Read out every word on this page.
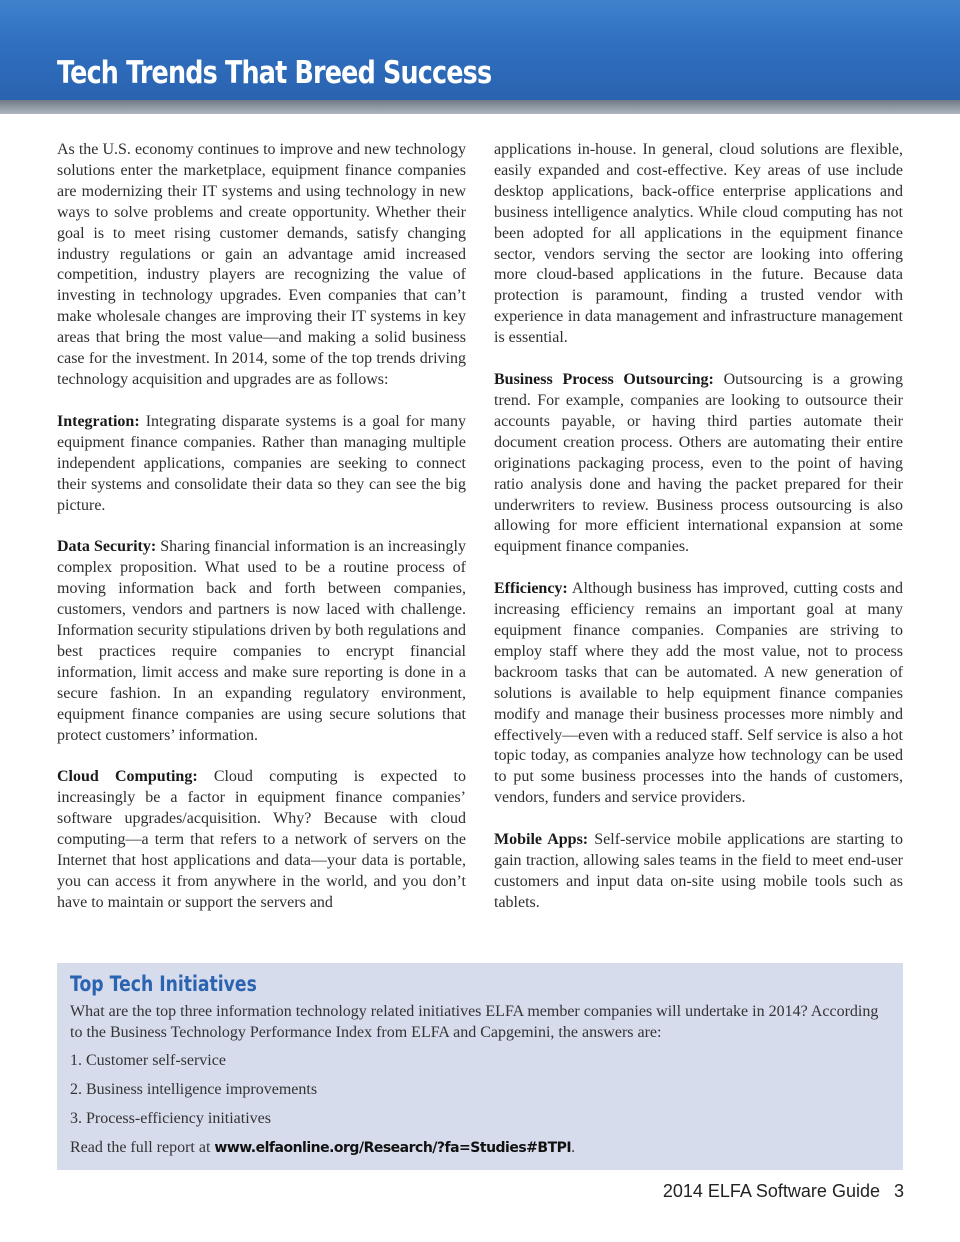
Tech Trends That Breed Success

As the U.S. economy continues to improve and new technology solutions enter the marketplace, equipment finance companies are modernizing their IT systems and using technology in new ways to solve problems and create opportunity. Whether their goal is to meet rising customer demands, satisfy changing industry regulations or gain an advantage amid increased competition, industry players are recognizing the value of investing in technology upgrades. Even companies that can’t make wholesale changes are improving their IT systems in key areas that bring the most value—and making a solid business case for the investment. In 2014, some of the top trends driving technology acquisition and upgrades are as follows:

Integration: Integrating disparate systems is a goal for many equipment finance companies. Rather than managing multiple independent applications, companies are seeking to connect their systems and consolidate their data so they can see the big picture.

Data Security: Sharing financial information is an increasingly complex proposition. What used to be a routine process of moving information back and forth between companies, customers, vendors and partners is now laced with challenge. Information security stipulations driven by both regulations and best practices require companies to encrypt financial information, limit access and make sure reporting is done in a secure fashion. In an expanding regulatory environment, equipment finance companies are using secure solutions that protect customers’ information.

Cloud Computing: Cloud computing is expected to increasingly be a factor in equipment finance companies’ software upgrades/acquisition. Why? Because with cloud computing—a term that refers to a network of servers on the Internet that host applications and data—your data is portable, you can access it from anywhere in the world, and you don’t have to maintain or support the servers and

applications in-house. In general, cloud solutions are flexible, easily expanded and cost-effective. Key areas of use include desktop applications, back-office enterprise applications and business intelligence analytics. While cloud computing has not been adopted for all applications in the equipment finance sector, vendors serving the sector are looking into offering more cloud-based applications in the future. Because data protection is paramount, finding a trusted vendor with experience in data management and infrastructure management is essential.

Business Process Outsourcing: Outsourcing is a growing trend. For example, companies are looking to outsource their accounts payable, or having third parties automate their document creation process. Others are automating their entire originations packaging process, even to the point of having ratio analysis done and having the packet prepared for their underwriters to review. Business process outsourcing is also allowing for more efficient international expansion at some equipment finance companies.

Efficiency: Although business has improved, cutting costs and increasing efficiency remains an important goal at many equipment finance companies. Companies are striving to employ staff where they add the most value, not to process backroom tasks that can be automated. A new generation of solutions is available to help equipment finance companies modify and manage their business processes more nimbly and effectively—even with a reduced staff. Self service is also a hot topic today, as companies analyze how technology can be used to put some business processes into the hands of customers, vendors, funders and service providers.

Mobile Apps: Self-service mobile applications are starting to gain traction, allowing sales teams in the field to meet end-user customers and input data on-site using mobile tools such as tablets.

Top Tech Initiatives

What are the top three information technology related initiatives ELFA member companies will undertake in 2014? According to the Business Technology Performance Index from ELFA and Capgemini, the answers are:

1. Customer self-service
2. Business intelligence improvements
3. Process-efficiency initiatives

Read the full report at www.elfaonline.org/Research/?fa=Studies#BTPI.

2014 ELFA Software Guide 3
